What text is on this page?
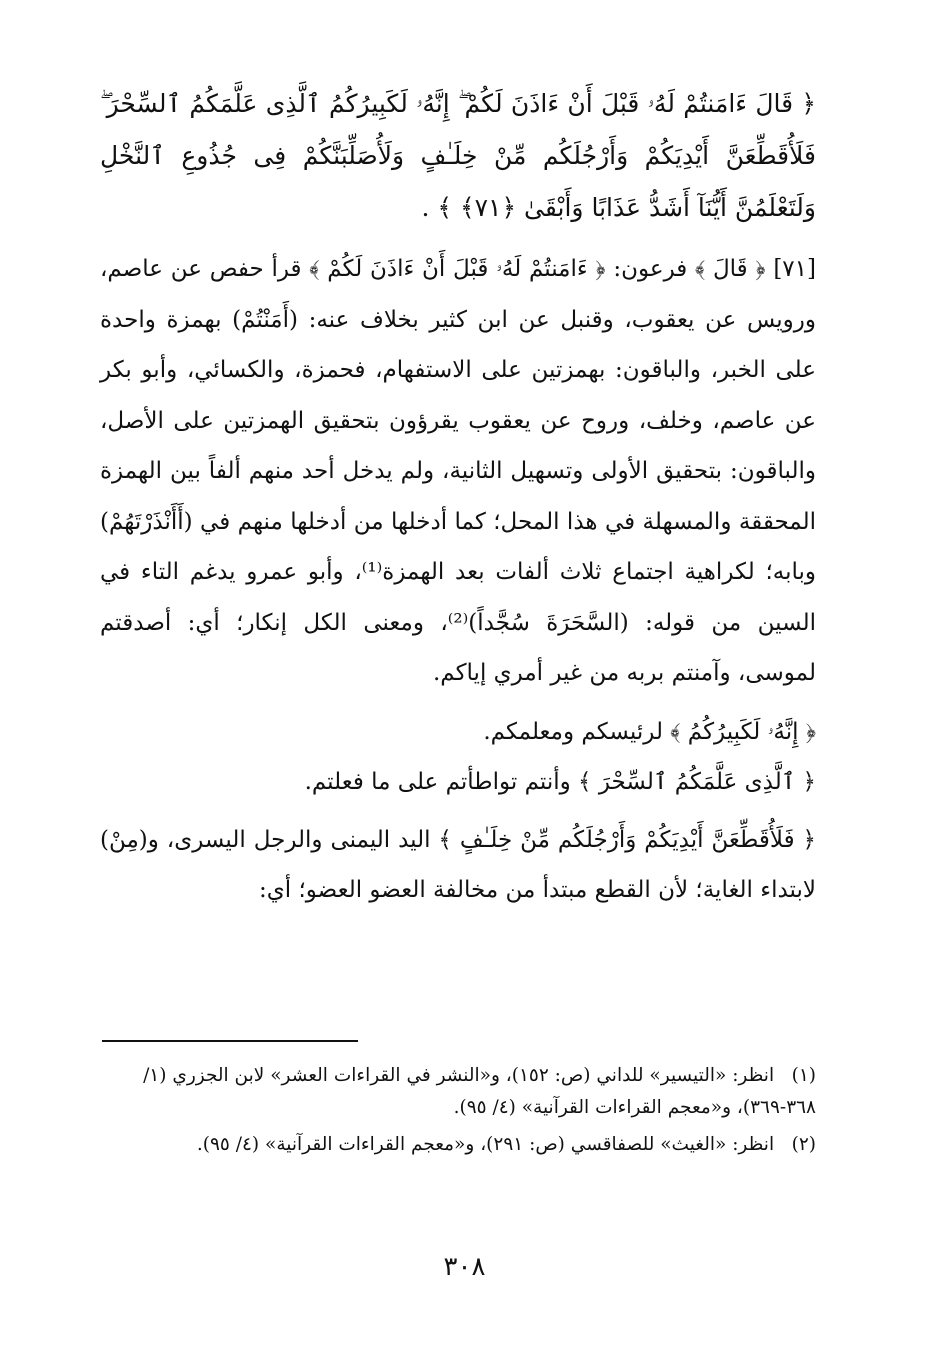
﴿ قَالَ ءَامَنتُمْ لَهُۥ قَبْلَ أَنْ ءَاذَنَ لَكُمْ ۖ إِنَّهُۥ لَكَبِيرُكُمُ ٱلَّذِى عَلَّمَكُمُ ٱلسِّحْرَ ۖ فَلَأُقَطِّعَنَّ أَيْدِيَكُمْ وَأَرْجُلَكُم مِّنْ خِلَـٰفٍ وَلَأُصَلِّبَنَّكُمْ فِى جُذُوعِ ٱلنَّخْلِ وَلَتَعْلَمُنَّ أَيُّنَآ أَشَدُّ عَذَابًا وَأَبْقَىٰ ﴿٧١﴾ ﴾ .

[٧١] ﴿ قَالَ ﴾ فرعون: ﴿ ءَامَنتُمْ لَهُۥ قَبْلَ أَنْ ءَاذَنَ لَكُمْ ﴾ قرأ حفص عن عاصم، ورويس عن يعقوب، وقنبل عن ابن كثير بخلاف عنه: (أَمَنْتُمْ) بهمزة واحدة على الخبر، والباقون: بهمزتين على الاستفهام، فحمزة، والكسائي، وأبو بكر عن عاصم، وخلف، وروح عن يعقوب يقرؤون بتحقيق الهمزتين على الأصل، والباقون: بتحقيق الأولى وتسهيل الثانية، ولم يدخل أحد منهم ألفاً بين الهمزة المحققة والمسهلة في هذا المحل؛ كما أدخلها من أدخلها منهم في (أَأَنْذَرْتَهُمْ) وبابه؛ لكراهية اجتماع ثلاث ألفات بعد الهمزة⁽¹⁾، وأبو عمرو يدغم التاء في السين من قوله: (السَّحَرَةَ سُجَّداً)⁽²⁾، ومعنى الكل إنكار؛ أي: أصدقتم لموسى، وآمنتم بربه من غير أمري إياكم.

﴿ إِنَّهُۥ لَكَبِيرُكُمُ ﴾ لرئيسكم ومعلمكم.

﴿ ٱلَّذِى عَلَّمَكُمُ ٱلسِّحْرَ ﴾ وأنتم تواطأتم على ما فعلتم.

﴿ فَلَأُقَطِّعَنَّ أَيْدِيَكُمْ وَأَرْجُلَكُم مِّنْ خِلَـٰفٍ ﴾ اليد اليمنى والرجل اليسرى، و(مِنْ) لابتداء الغاية؛ لأن القطع مبتدأ من مخالفة العضو العضو؛ أي:

(١) انظر: «التيسير» للداني (ص: ١٥٢)، و«النشر في القراءات العشر» لابن الجزري (١/ ٣٦٨-٣٦٩)، و«معجم القراءات القرآنية» (٤/ ٩٥).

(٢) انظر: «الغيث» للصفاقسي (ص: ٢٩١)، و«معجم القراءات القرآنية» (٤/ ٩٥).

٣٠٨
